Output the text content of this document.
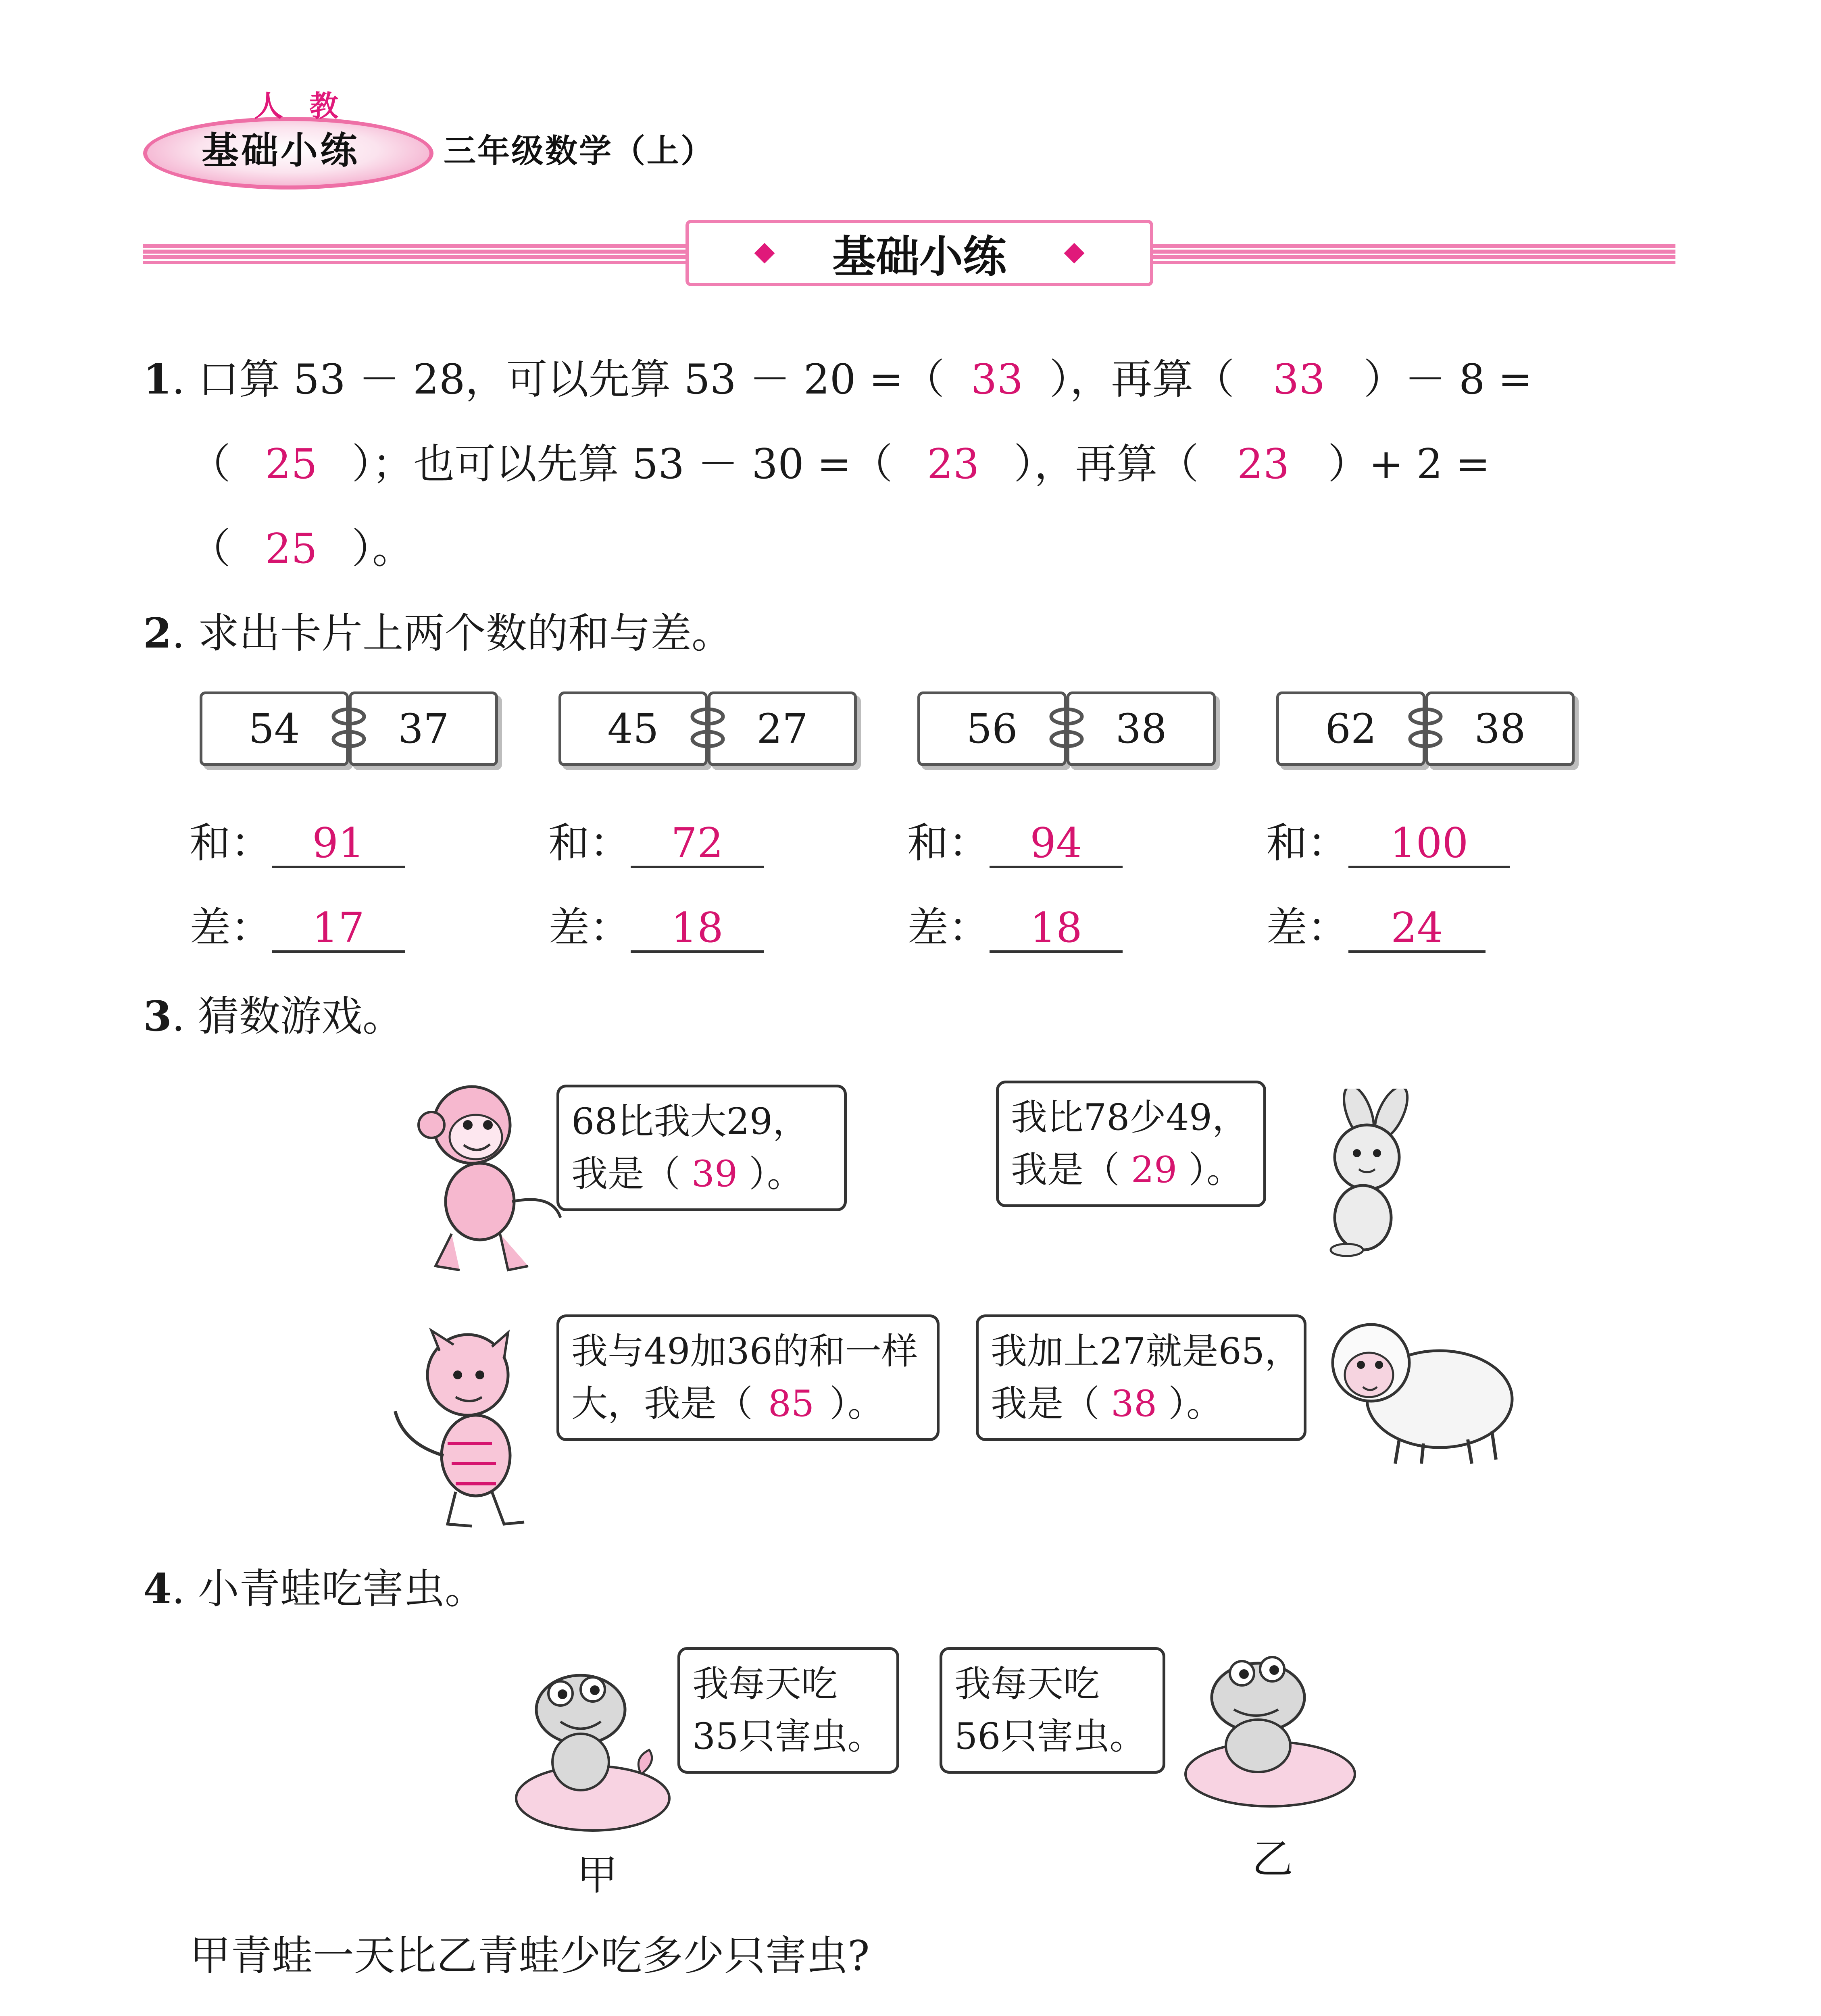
人 教
基础小练	三年级数学（上）
基础小练
1. 口算 53 － 28，可以先算 53 － 20 =（ 33 ），再算（ 33 ）－ 8 =
（ 25 ）；也可以先算 53 － 30 =（ 23 ），再算（ 23 ）+ 2 =
（ 25 ）。
2. 求出卡片上两个数的和与差。
54	37	45	27	56	38	62	38
和： 91	和： 72	和： 94	和：	100
差： 17	差： 18	差： 18	差：	24
3. 猜数游戏。
68比我大29，
我是（ 39 ）。
我比78少49，
我是（ 29 ）。
我与49加36的和一样
大，我是（ 85 ）。
我加上27就是65，
我是（ 38 ）。
4. 小青蛙吃害虫。
我每天吃
35只害虫。
我每天吃
56只害虫。
甲	乙
甲青蛙一天比乙青蛙少吃多少只害虫?
